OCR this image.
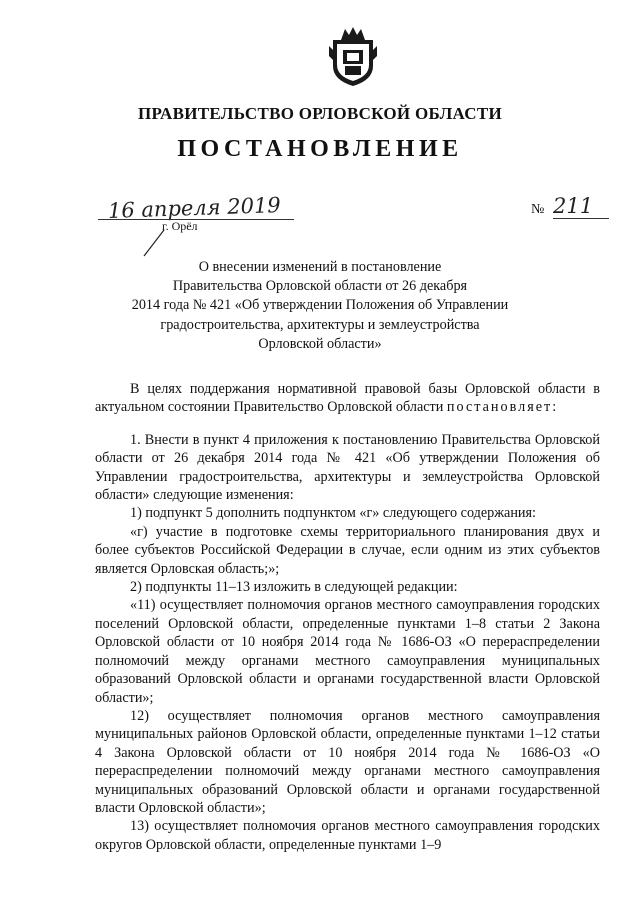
ПРАВИТЕЛЬСТВО ОРЛОВСКОЙ ОБЛАСТИ
ПОСТАНОВЛЕНИЕ
16 апреля 2019
г. Орёл
№ 211
О внесении изменений в постановление
Правительства Орловской области от 26 декабря
2014 года № 421 «Об утверждении Положения об Управлении
градостроительства, архитектуры и землеустройства
Орловской области»
В целях поддержания нормативной правовой базы Орловской области в актуальном состоянии Правительство Орловской области постановляет:
1. Внести в пункт 4 приложения к постановлению Правительства Орловской области от 26 декабря 2014 года № 421 «Об утверждении Положения об Управлении градостроительства, архитектуры и землеустройства Орловской области» следующие изменения:
1) подпункт 5 дополнить подпунктом «г» следующего содержания:
«г) участие в подготовке схемы территориального планирования двух и более субъектов Российской Федерации в случае, если одним из этих субъектов является Орловская область;»;
2) подпункты 11–13 изложить в следующей редакции:
«11) осуществляет полномочия органов местного самоуправления городских поселений Орловской области, определенные пунктами 1–8 статьи 2 Закона Орловской области от 10 ноября 2014 года № 1686-ОЗ «О перераспределении полномочий между органами местного самоуправления муниципальных образований Орловской области и органами государственной власти Орловской области»;
12) осуществляет полномочия органов местного самоуправления муниципальных районов Орловской области, определенные пунктами 1–12 статьи 4 Закона Орловской области от 10 ноября 2014 года № 1686-ОЗ «О перераспределении полномочий между органами местного самоуправления муниципальных образований Орловской области и органами государственной власти Орловской области»;
13) осуществляет полномочия органов местного самоуправления городских округов Орловской области, определенные пунктами 1–9
